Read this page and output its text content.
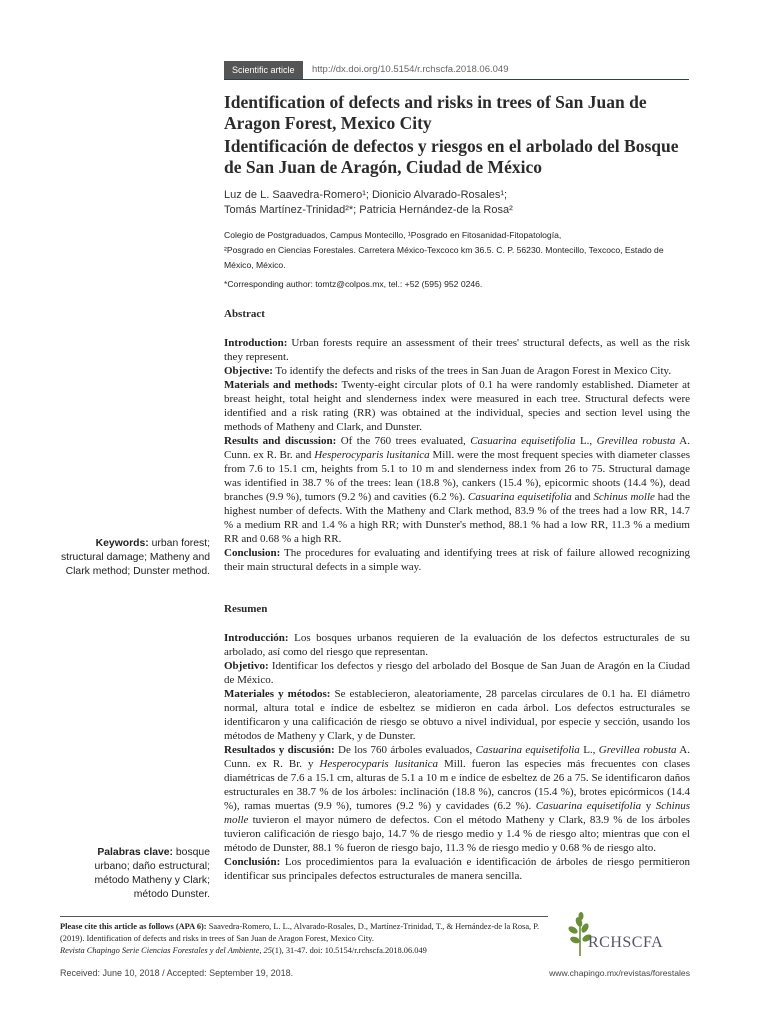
Scientific article	http://dx.doi.org/10.5154/r.rchscfa.2018.06.049
Identification of defects and risks in trees of San Juan de Aragon Forest, Mexico City
Identificación de defectos y riesgos en el arbolado del Bosque de San Juan de Aragón, Ciudad de México
Luz de L. Saavedra-Romero¹; Dionicio Alvarado-Rosales¹;
Tomás Martínez-Trinidad²*; Patricia Hernández-de la Rosa²

Colegio de Postgraduados, Campus Montecillo, ¹Posgrado en Fitosanidad-Fitopatología,

²Posgrado en Ciencias Forestales. Carretera México-Texcoco km 36.5. C. P. 56230. Montecillo, Texcoco, Estado de México, México.

*Corresponding author: tomtz@colpos.mx, tel.: +52 (595) 952 0246.

Abstract

Introduction: Urban forests require an assessment of their trees' structural defects, as well as the risk they represent.

Objective: To identify the defects and risks of the trees in San Juan de Aragon Forest in Mexico City.

Materials and methods: Twenty-eight circular plots of 0.1 ha were randomly established. Diameter at breast height, total height and slenderness index were measured in each tree. Structural defects were identified and a risk rating (RR) was obtained at the individual, species and section level using the methods of Matheny and Clark, and Dunster.

Results and discussion: Of the 760 trees evaluated, Casuarina equisetifolia L., Grevillea robusta A. Cunn. ex R. Br. and Hesperocyparis lusitanica Mill. were the most frequent species with diameter classes from 7.6 to 15.1 cm, heights from 5.1 to 10 m and slenderness index from 26 to 75. Structural damage was identified in 38.7 % of the trees: lean (18.8 %), cankers (15.4 %), epicormic shoots (14.4 %), dead branches (9.9 %), tumors (9.2 %) and cavities (6.2 %). Casuarina equisetifolia and Schinus molle had the highest number of defects. With the Matheny and Clark method, 83.9 % of the trees had a low RR, 14.7 % a medium RR and 1.4 % a high RR; with Dunster's method, 88.1 % had a low RR, 11.3 % a medium RR and 0.68 % a high RR.

Conclusion: The procedures for evaluating and identifying trees at risk of failure allowed recognizing their main structural defects in a simple way.

Keywords: urban forest; structural damage; Matheny and Clark method; Dunster method.
Resumen

Introducción: Los bosques urbanos requieren de la evaluación de los defectos estructurales de su arbolado, así como del riesgo que representan.

Objetivo: Identificar los defectos y riesgo del arbolado del Bosque de San Juan de Aragón en la Ciudad de México.

Materiales y métodos: Se establecieron, aleatoriamente, 28 parcelas circulares de 0.1 ha. El diámetro normal, altura total e índice de esbeltez se midieron en cada árbol. Los defectos estructurales se identificaron y una calificación de riesgo se obtuvo a nivel individual, por especie y sección, usando los métodos de Matheny y Clark, y de Dunster.

Resultados y discusión: De los 760 árboles evaluados, Casuarina equisetifolia L., Grevillea robusta A. Cunn. ex R. Br. y Hesperocyparis lusitanica Mill. fueron las especies más frecuentes con clases diamétricas de 7.6 a 15.1 cm, alturas de 5.1 a 10 m e índice de esbeltez de 26 a 75. Se identificaron daños estructurales en 38.7 % de los árboles: inclinación (18.8 %), cancros (15.4 %), brotes epicórmicos (14.4 %), ramas muertas (9.9 %), tumores (9.2 %) y cavidades (6.2 %). Casuarina equisetifolia y Schinus molle tuvieron el mayor número de defectos. Con el método Matheny y Clark, 83.9 % de los árboles tuvieron calificación de riesgo bajo, 14.7 % de riesgo medio y 1.4 % de riesgo alto; mientras que con el método de Dunster, 88.1 % fueron de riesgo bajo, 11.3 % de riesgo medio y 0.68 % de riesgo alto.

Conclusión: Los procedimientos para la evaluación e identificación de árboles de riesgo permitieron identificar sus principales defectos estructurales de manera sencilla.

Palabras clave: bosque urbano; daño estructural; método Matheny y Clark; método Dunster.

Please cite this article as follows (APA 6): Saavedra-Romero, L. L., Alvarado-Rosales, D., Martínez-Trinidad, T., & Hernández-de la Rosa, P. (2019). Identification of defects and risks in trees of San Juan de Aragon Forest, Mexico City.

Revista Chapingo Serie Ciencias Forestales y del Ambiente, 25(1), 31-47. doi: 10.5154/r.rchscfa.2018.06.049	RCHSCFA
Received: June 10, 2018 / Accepted: September 19, 2018.	www.chapingo.mx/revistas/forestales
